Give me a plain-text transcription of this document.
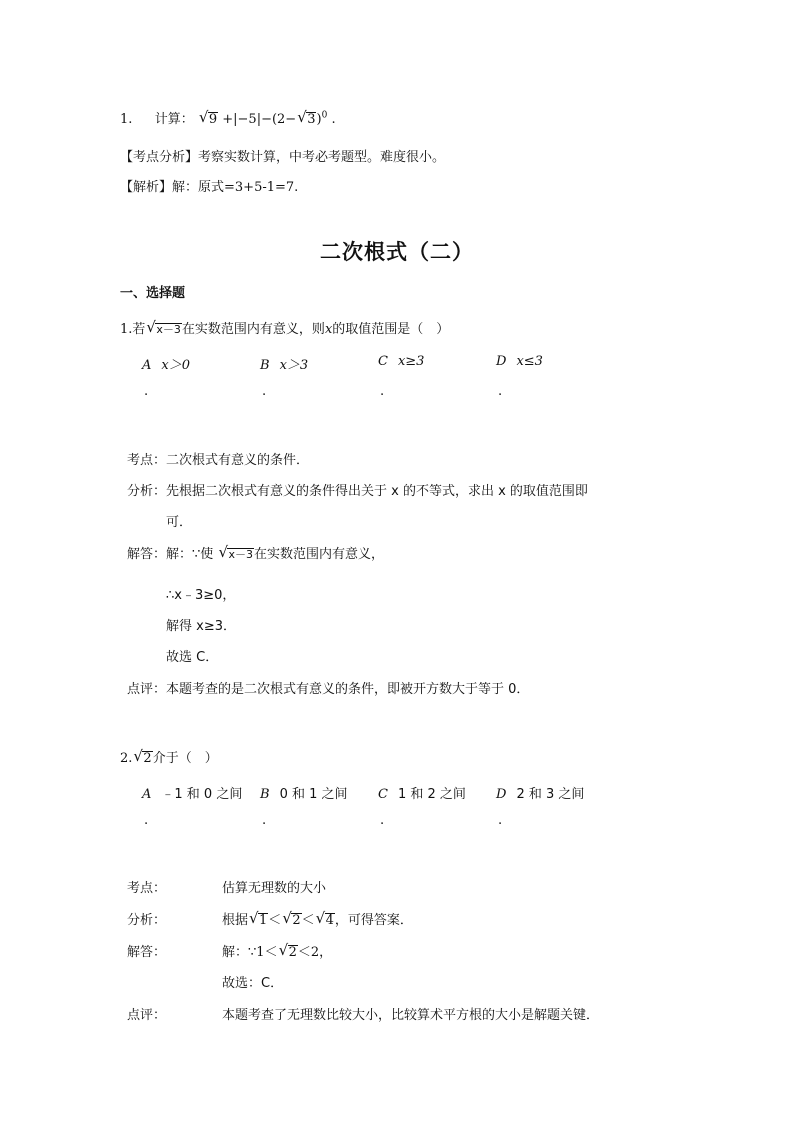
1. 计算： √ 9 +|−5|−(2− √ 3)$^0$ .
【考点分析】考察实数计算，中考必考题型。难度很小。
【解析】解：原式=3+5-1=7.
二次根式（二）
一、选择题
1.若 √ x－3在实数范围内有意义，则x的取值范围是（　）
A x＞0	B x＞3	C x≥3	D x≤3
.	.	.	.
考点：二次根式有意义的条件．
分析：先根据二次根式有意义的条件得出关于 x 的不等式，求出 x 的取值范围即
可．
解答：解：∵使 √ x－3在实数范围内有意义，
∴x﹣3≥0，
解得 x≥3．
故选 C．
点评：本题考查的是二次根式有意义的条件，即被开方数大于等于 0．
2. √ 2介于（　）
A ﹣1 和 0 之间 B 0 和 1 之间 C 1 和 2 之间 D 2 和 3 之间
.	.	.	.
考点：	估算无理数的大小
分析：	根据 √ 1＜ √ 2＜ √ 4，可得答案．
解答：	解：∵1＜ √ 2＜2，
故选：C．
点评：	本题考查了无理数比较大小，比较算术平方根的大小是解题关键．
